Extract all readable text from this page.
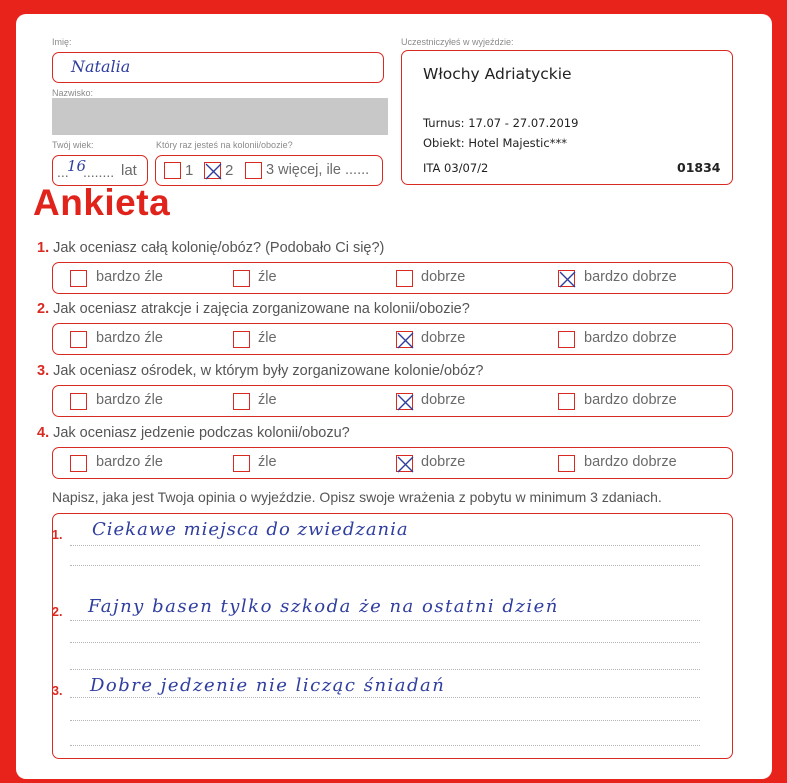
Imię:
Natalia
Nazwisko:
Twój wiek:	Który raz jesteś na kolonii/obozie?
...
16
........ lat	1 2 3 więcej, ile ......
Uczestniczyłeś w wyjeździe:
Włochy Adriatyckie
Turnus: 17.07 - 27.07.2019
Obiekt: Hotel Majestic***
ITA 03/07/2	01834
Ankieta
1. Jak oceniasz całą kolonię/obóz? (Podobało Ci się?)
bardzo źle	źle	dobrze	bardzo dobrze
2. Jak oceniasz atrakcje i zajęcia zorganizowane na kolonii/obozie?
bardzo źle	źle	dobrze	bardzo dobrze
3. Jak oceniasz ośrodek, w którym były zorganizowane kolonie/obóz?
bardzo źle	źle	dobrze	bardzo dobrze
4. Jak oceniasz jedzenie podczas kolonii/obozu?
bardzo źle	źle	dobrze	bardzo dobrze
Napisz, jaka jest Twoja opinia o wyjeździe. Opisz swoje wrażenia z pobytu w minimum 3 zdaniach.
1. Ciekawe miejsca do zwiedzania
2. Fajny basen tylko szkoda że na ostatni dzień
3. Dobre jedzenie nie licząc śniadań
